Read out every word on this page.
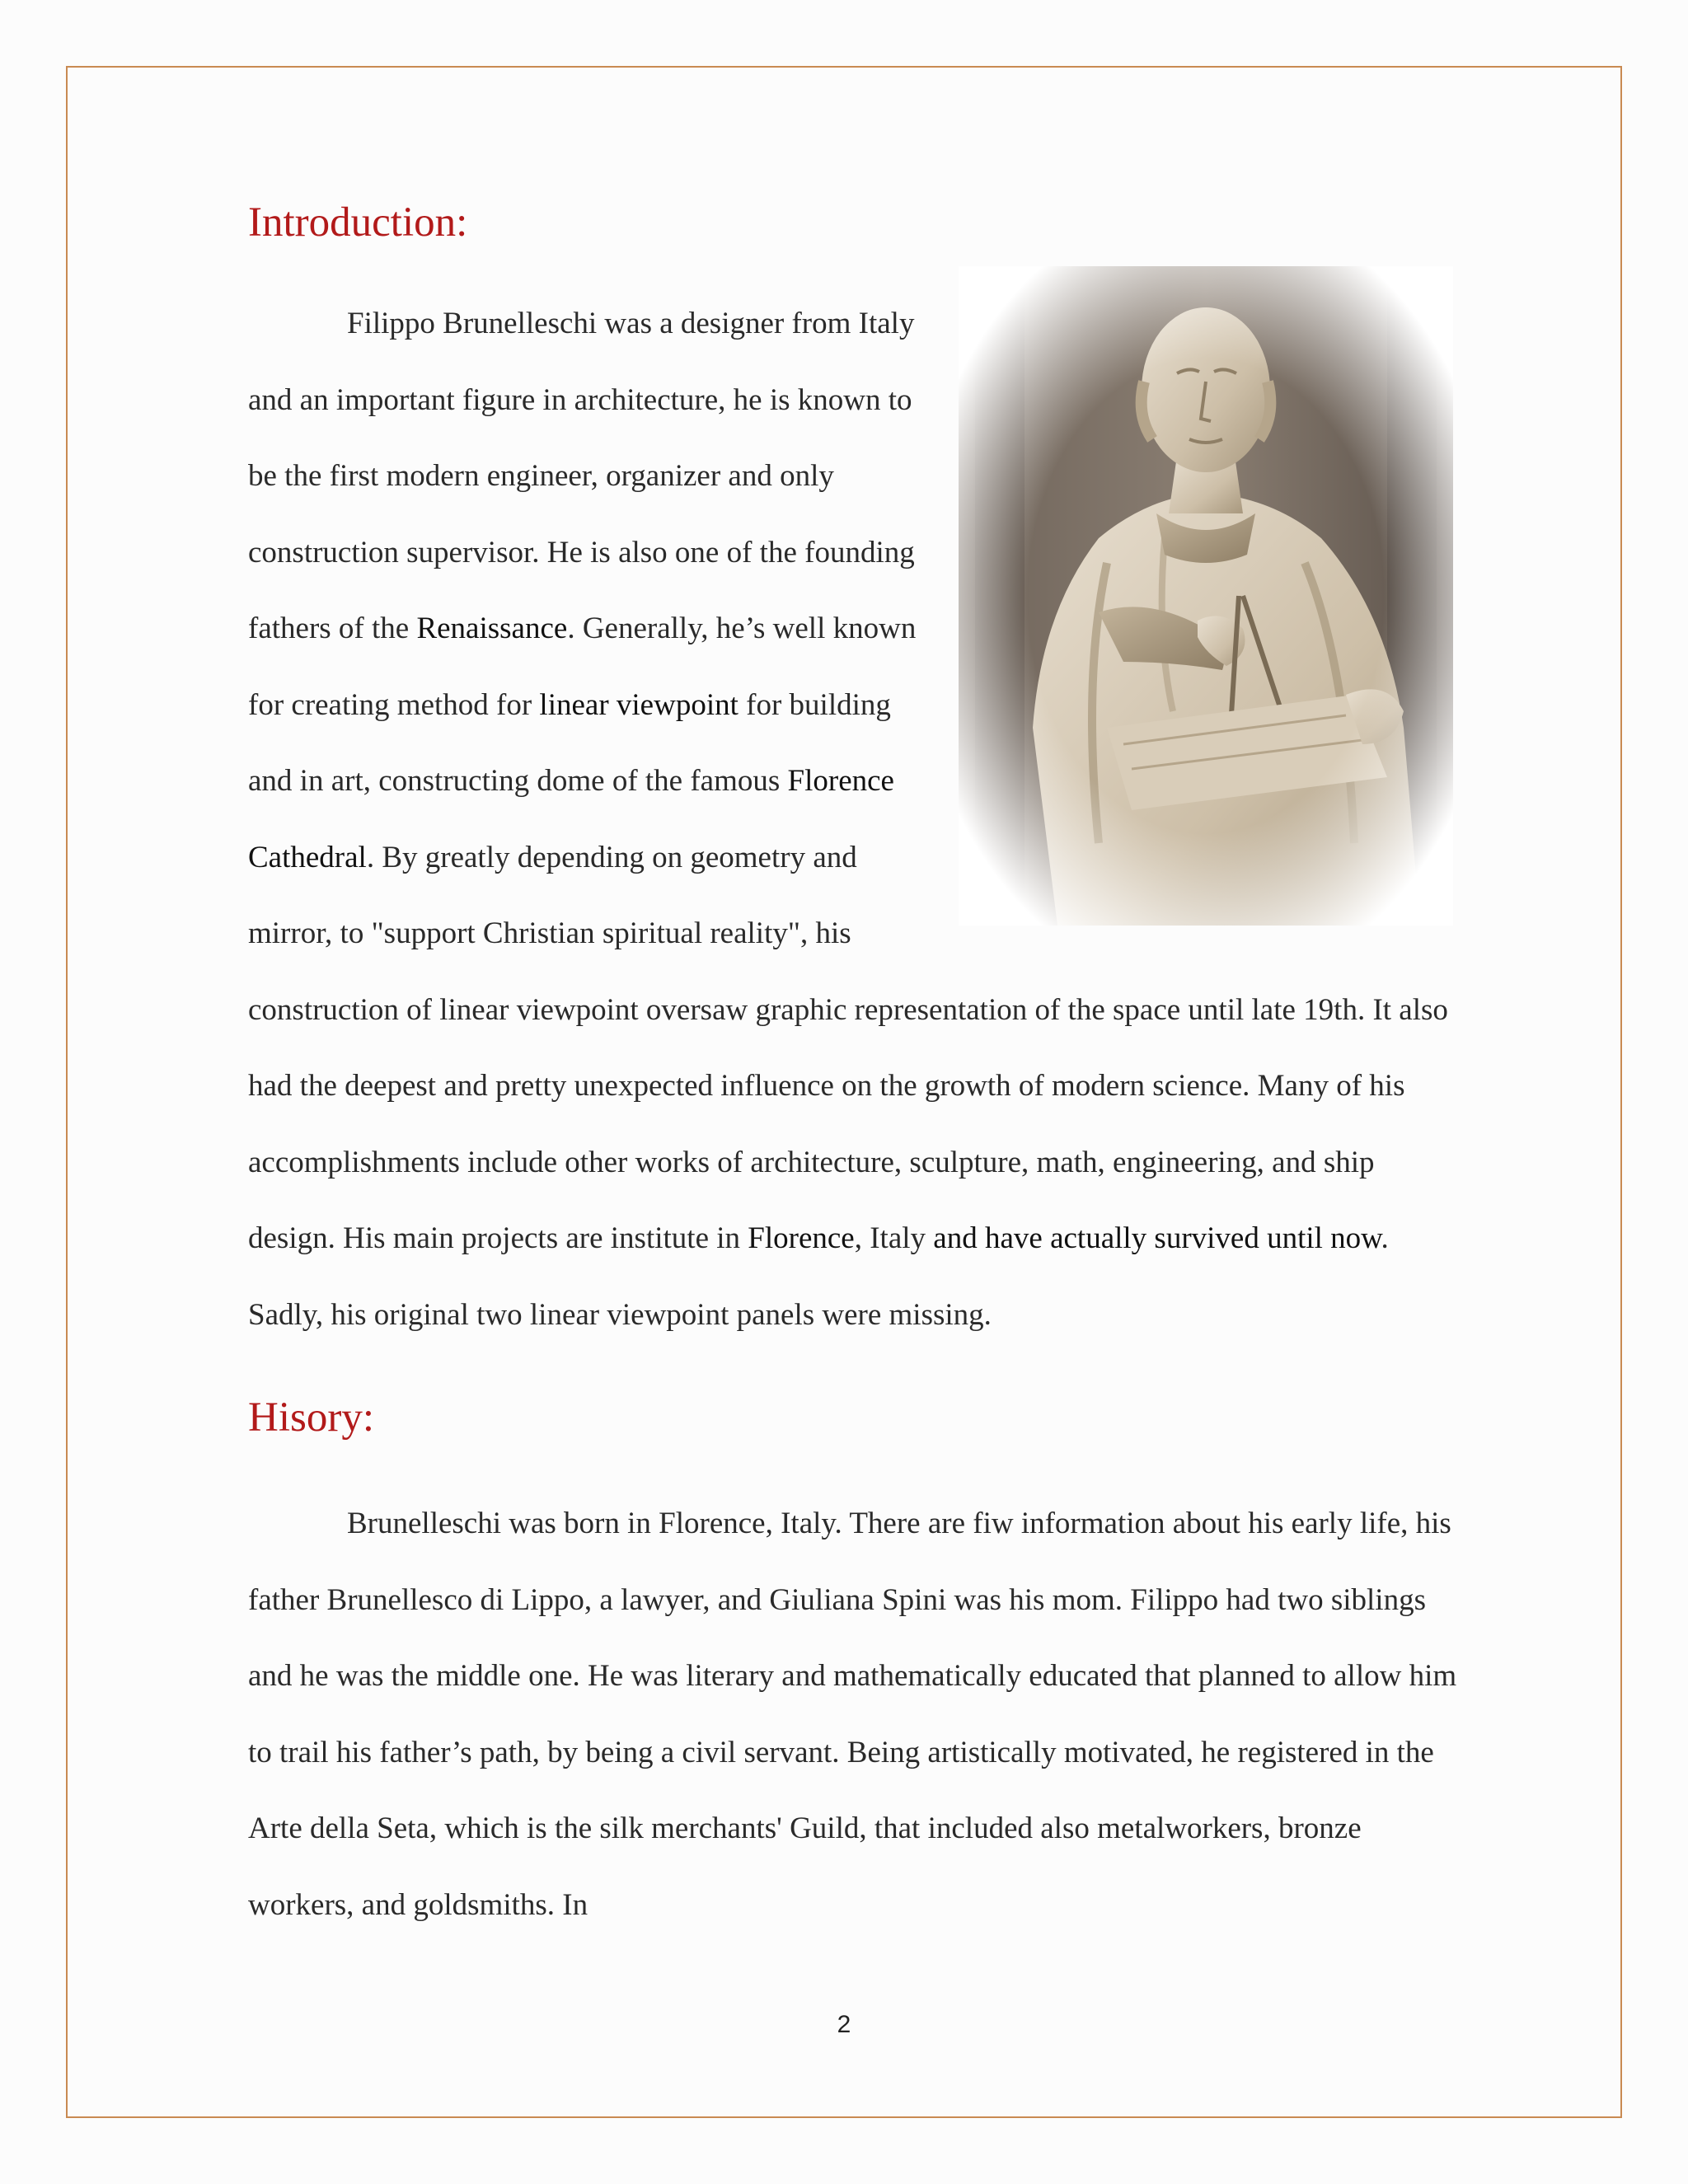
Introduction:

Filippo Brunelleschi was a designer from Italy and an important figure in architecture, he is known to be the first modern engineer, organizer and only construction supervisor. He is also one of the founding fathers of the Renaissance. Generally, he’s well known for creating method for linear viewpoint for building and in art, constructing dome of the famous Florence Cathedral. By greatly depending on geometry and mirror, to "support Christian spiritual reality", his construction of linear viewpoint oversaw graphic representation of the space until late 19th. It also had the deepest and pretty unexpected influence on the growth of modern science. Many of his accomplishments include other works of architecture, sculpture, math, engineering, and ship design. His main projects are institute in Florence, Italy and have actually survived until now. Sadly, his original two linear viewpoint panels were missing.

Hisory:

Brunelleschi was born in Florence, Italy. There are fiw information about his early life, his father Brunellesco di Lippo, a lawyer, and Giuliana Spini was his mom. Filippo had two siblings and he was the middle one. He was literary and mathematically educated that planned to allow him to trail his father’s path, by being a civil servant. Being artistically motivated, he registered in the Arte della Seta, which is the silk merchants' Guild, that included also metalworkers, bronze workers, and goldsmiths. In

2
